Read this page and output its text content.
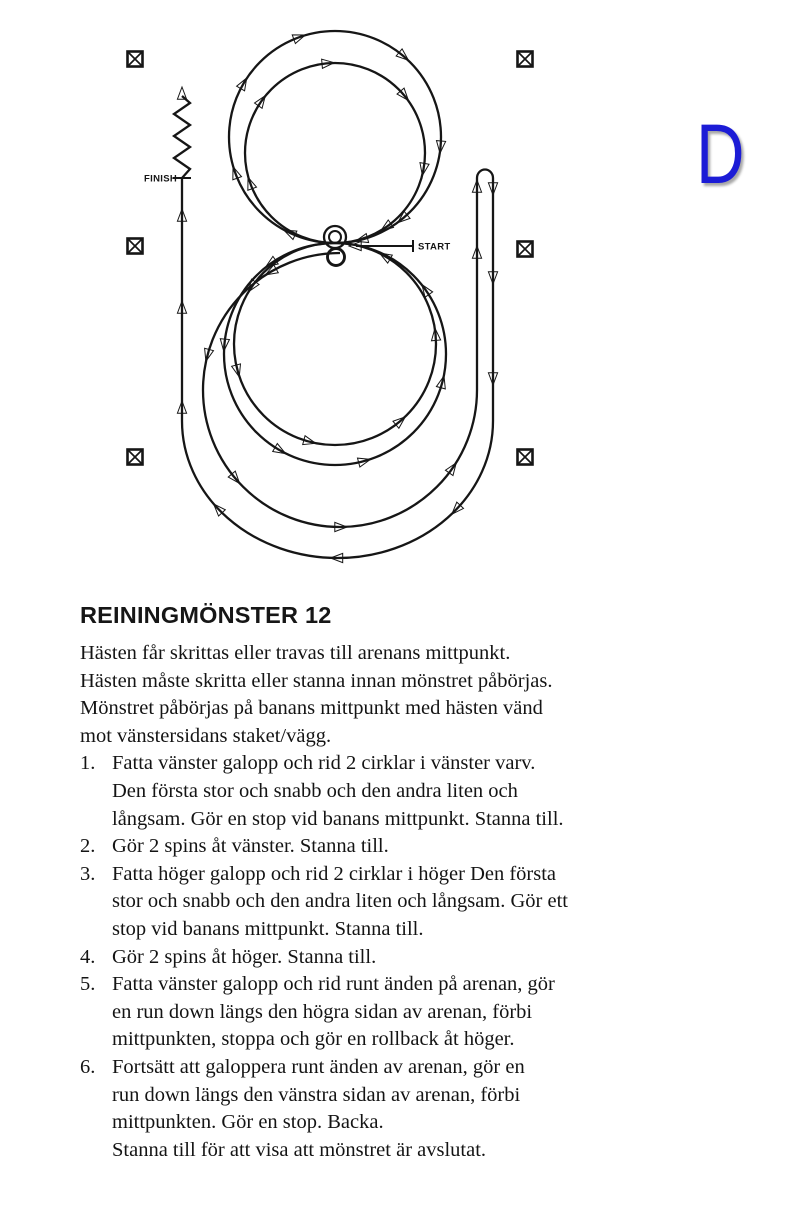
FINISH
START
D
REININGMÖNSTER 12
Hästen får skrittas eller travas till arenans mittpunkt.
Hästen måste skritta eller stanna innan mönstret påbörjas.
Mönstret påbörjas på banans mittpunkt med hästen vänd
mot vänstersidans staket/vägg.
1. Fatta vänster galopp och rid 2 cirklar i vänster varv.
Den första stor och snabb och den andra liten och
långsam. Gör en stop vid banans mittpunkt. Stanna till.
2. Gör 2 spins åt vänster. Stanna till.
3. Fatta höger galopp och rid 2 cirklar i höger Den första
stor och snabb och den andra liten och långsam. Gör ett
stop vid banans mittpunkt. Stanna till.
4. Gör 2 spins åt höger. Stanna till.
5. Fatta vänster galopp och rid runt änden på arenan, gör
en run down längs den högra sidan av arenan, förbi
mittpunkten, stoppa och gör en rollback åt höger.
6. Fortsätt att galoppera runt änden av arenan, gör en
run down längs den vänstra sidan av arenan, förbi
mittpunkten. Gör en stop. Backa.
Stanna till för att visa att mönstret är avslutat.
